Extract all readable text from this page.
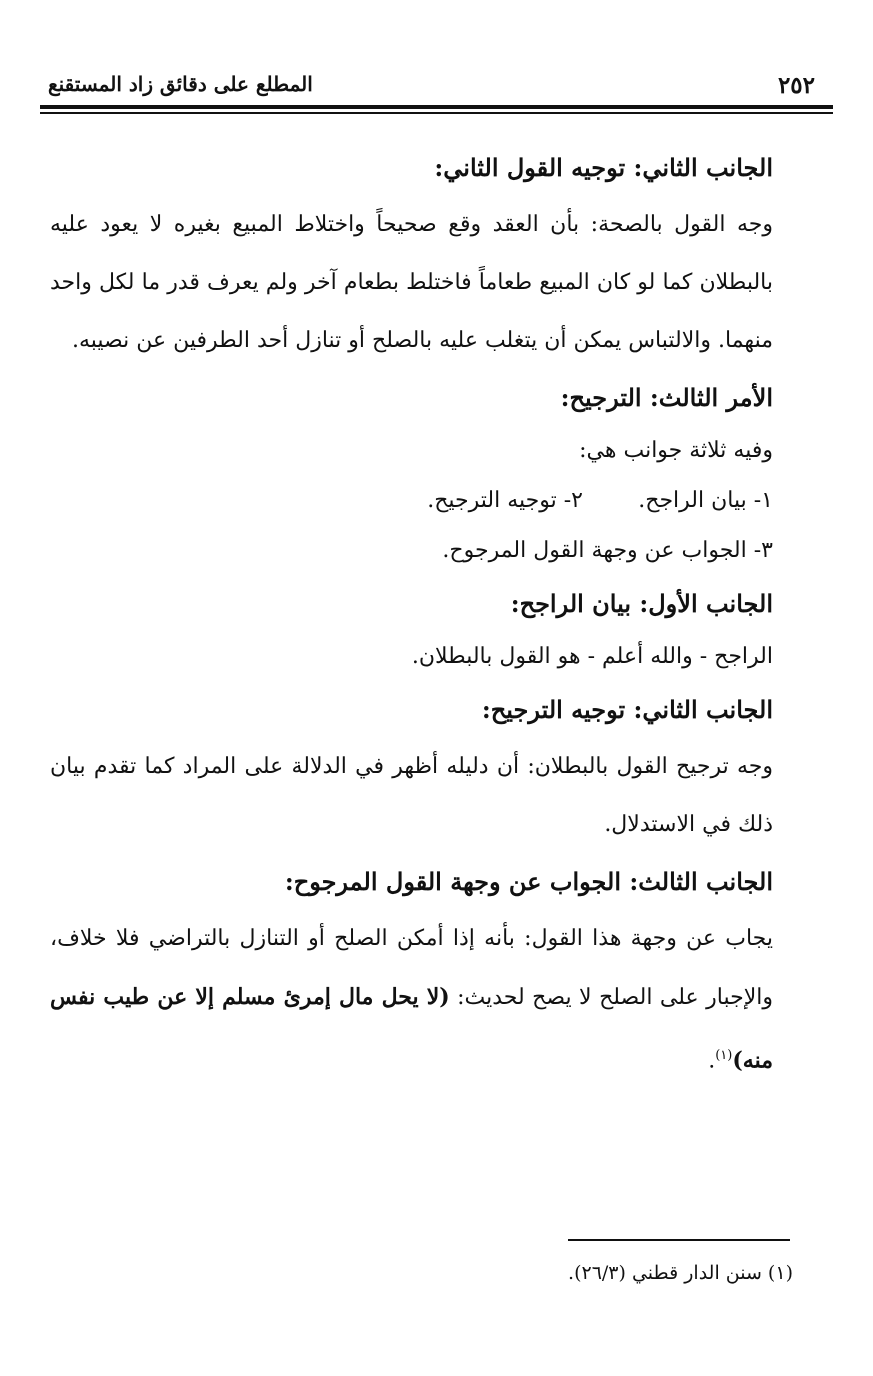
٢٥٢
المطلع على دقائق زاد المستقنع

الجانب الثاني: توجيه القول الثاني:

وجه القول بالصحة: بأن العقد وقع صحيحاً واختلاط المبيع بغيره لا يعود عليه بالبطلان كما لو كان المبيع طعاماً فاختلط بطعام آخر ولم يعرف قدر ما لكل واحد منهما. والالتباس يمكن أن يتغلب عليه بالصلح أو تنازل أحد الطرفين عن نصيبه.

الأمر الثالث: الترجيح:

وفيه ثلاثة جوانب هي:

١- بيان الراجح.
٢- توجيه الترجيح.

٣- الجواب عن وجهة القول المرجوح.

الجانب الأول: بيان الراجح:

الراجح - والله أعلم - هو القول بالبطلان.

الجانب الثاني: توجيه الترجيح:

وجه ترجيح القول بالبطلان: أن دليله أظهر في الدلالة على المراد كما تقدم بيان ذلك في الاستدلال.

الجانب الثالث: الجواب عن وجهة القول المرجوح:

يجاب عن وجهة هذا القول: بأنه إذا أمكن الصلح أو التنازل بالتراضي فلا خلاف، والإجبار على الصلح لا يصح لحديث: (لا يحل مال إمرئ مسلم إلا عن طيب نفس منه)$^{(١)}$.

(١) سنن الدار قطني (٢٦/٣).
